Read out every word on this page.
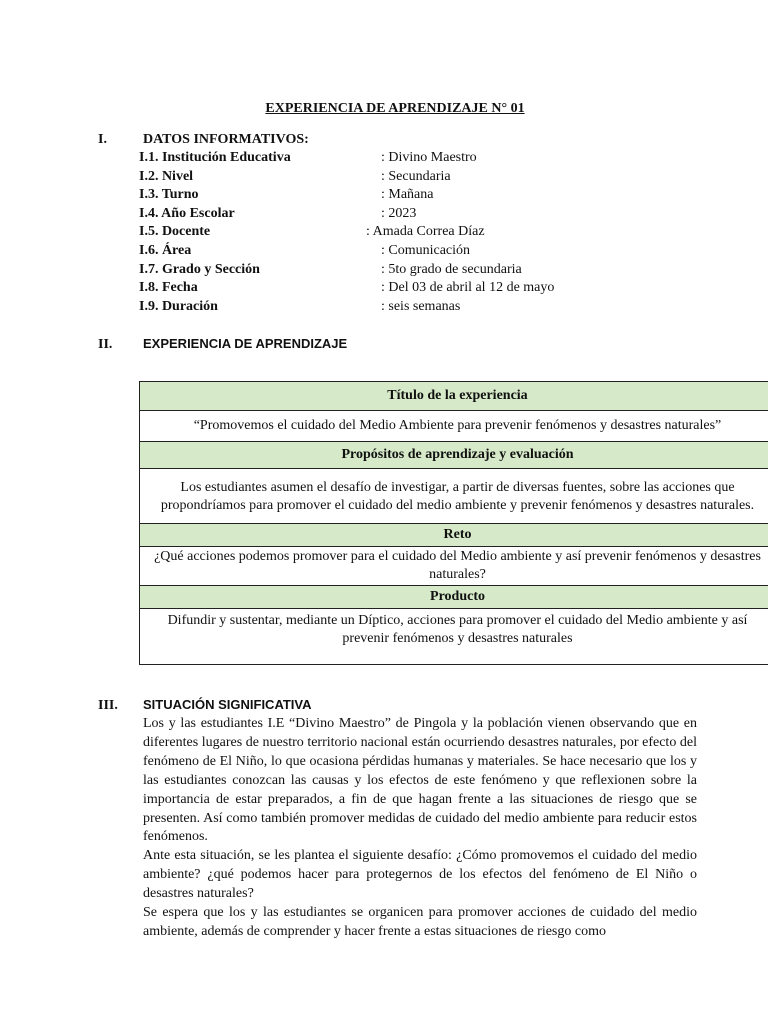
EXPERIENCIA DE APRENDIZAJE N° 01
I.	DATOS INFORMATIVOS:
I.1. Institución Educativa	: Divino Maestro
I.2. Nivel	: Secundaria
I.3. Turno	: Mañana
I.4. Año Escolar	: 2023
I.5. Docente	: Amada Correa Díaz
I.6. Área	: Comunicación
I.7. Grado y Sección	: 5to grado de secundaria
I.8. Fecha	: Del 03 de abril al 12 de mayo
I.9. Duración	: seis semanas
II. EXPERIENCIA DE APRENDIZAJE
Título de la experiencia
“Promovemos el cuidado del Medio Ambiente para prevenir fenómenos y desastres naturales”
Propósitos de aprendizaje y evaluación
Los estudiantes asumen el desafío de investigar, a partir de diversas fuentes, sobre las acciones que propondríamos para promover el cuidado del medio ambiente y prevenir fenómenos y desastres naturales.
Reto
¿Qué acciones podemos promover para el cuidado del Medio ambiente y así prevenir fenómenos y desastres naturales?
Producto
Difundir y sustentar, mediante un Díptico, acciones para promover el cuidado del Medio ambiente y así prevenir fenómenos y desastres naturales
III. SITUACIÓN SIGNIFICATIVA

Los y las estudiantes I.E “Divino Maestro” de Pingola y la población vienen observando que en diferentes lugares de nuestro territorio nacional están ocurriendo desastres naturales, por efecto del fenómeno de El Niño, lo que ocasiona pérdidas humanas y materiales. Se hace necesario que los y las estudiantes conozcan las causas y los efectos de este fenómeno y que reflexionen sobre la importancia de estar preparados, a fin de que hagan frente a las situaciones de riesgo que se presenten. Así como también promover medidas de cuidado del medio ambiente para reducir estos fenómenos.

Ante esta situación, se les plantea el siguiente desafío: ¿Cómo promovemos el cuidado del medio ambiente? ¿qué podemos hacer para protegernos de los efectos del fenómeno de El Niño o desastres naturales?

Se espera que los y las estudiantes se organicen para promover acciones de cuidado del medio ambiente, además de comprender y hacer frente a estas situaciones de riesgo como
